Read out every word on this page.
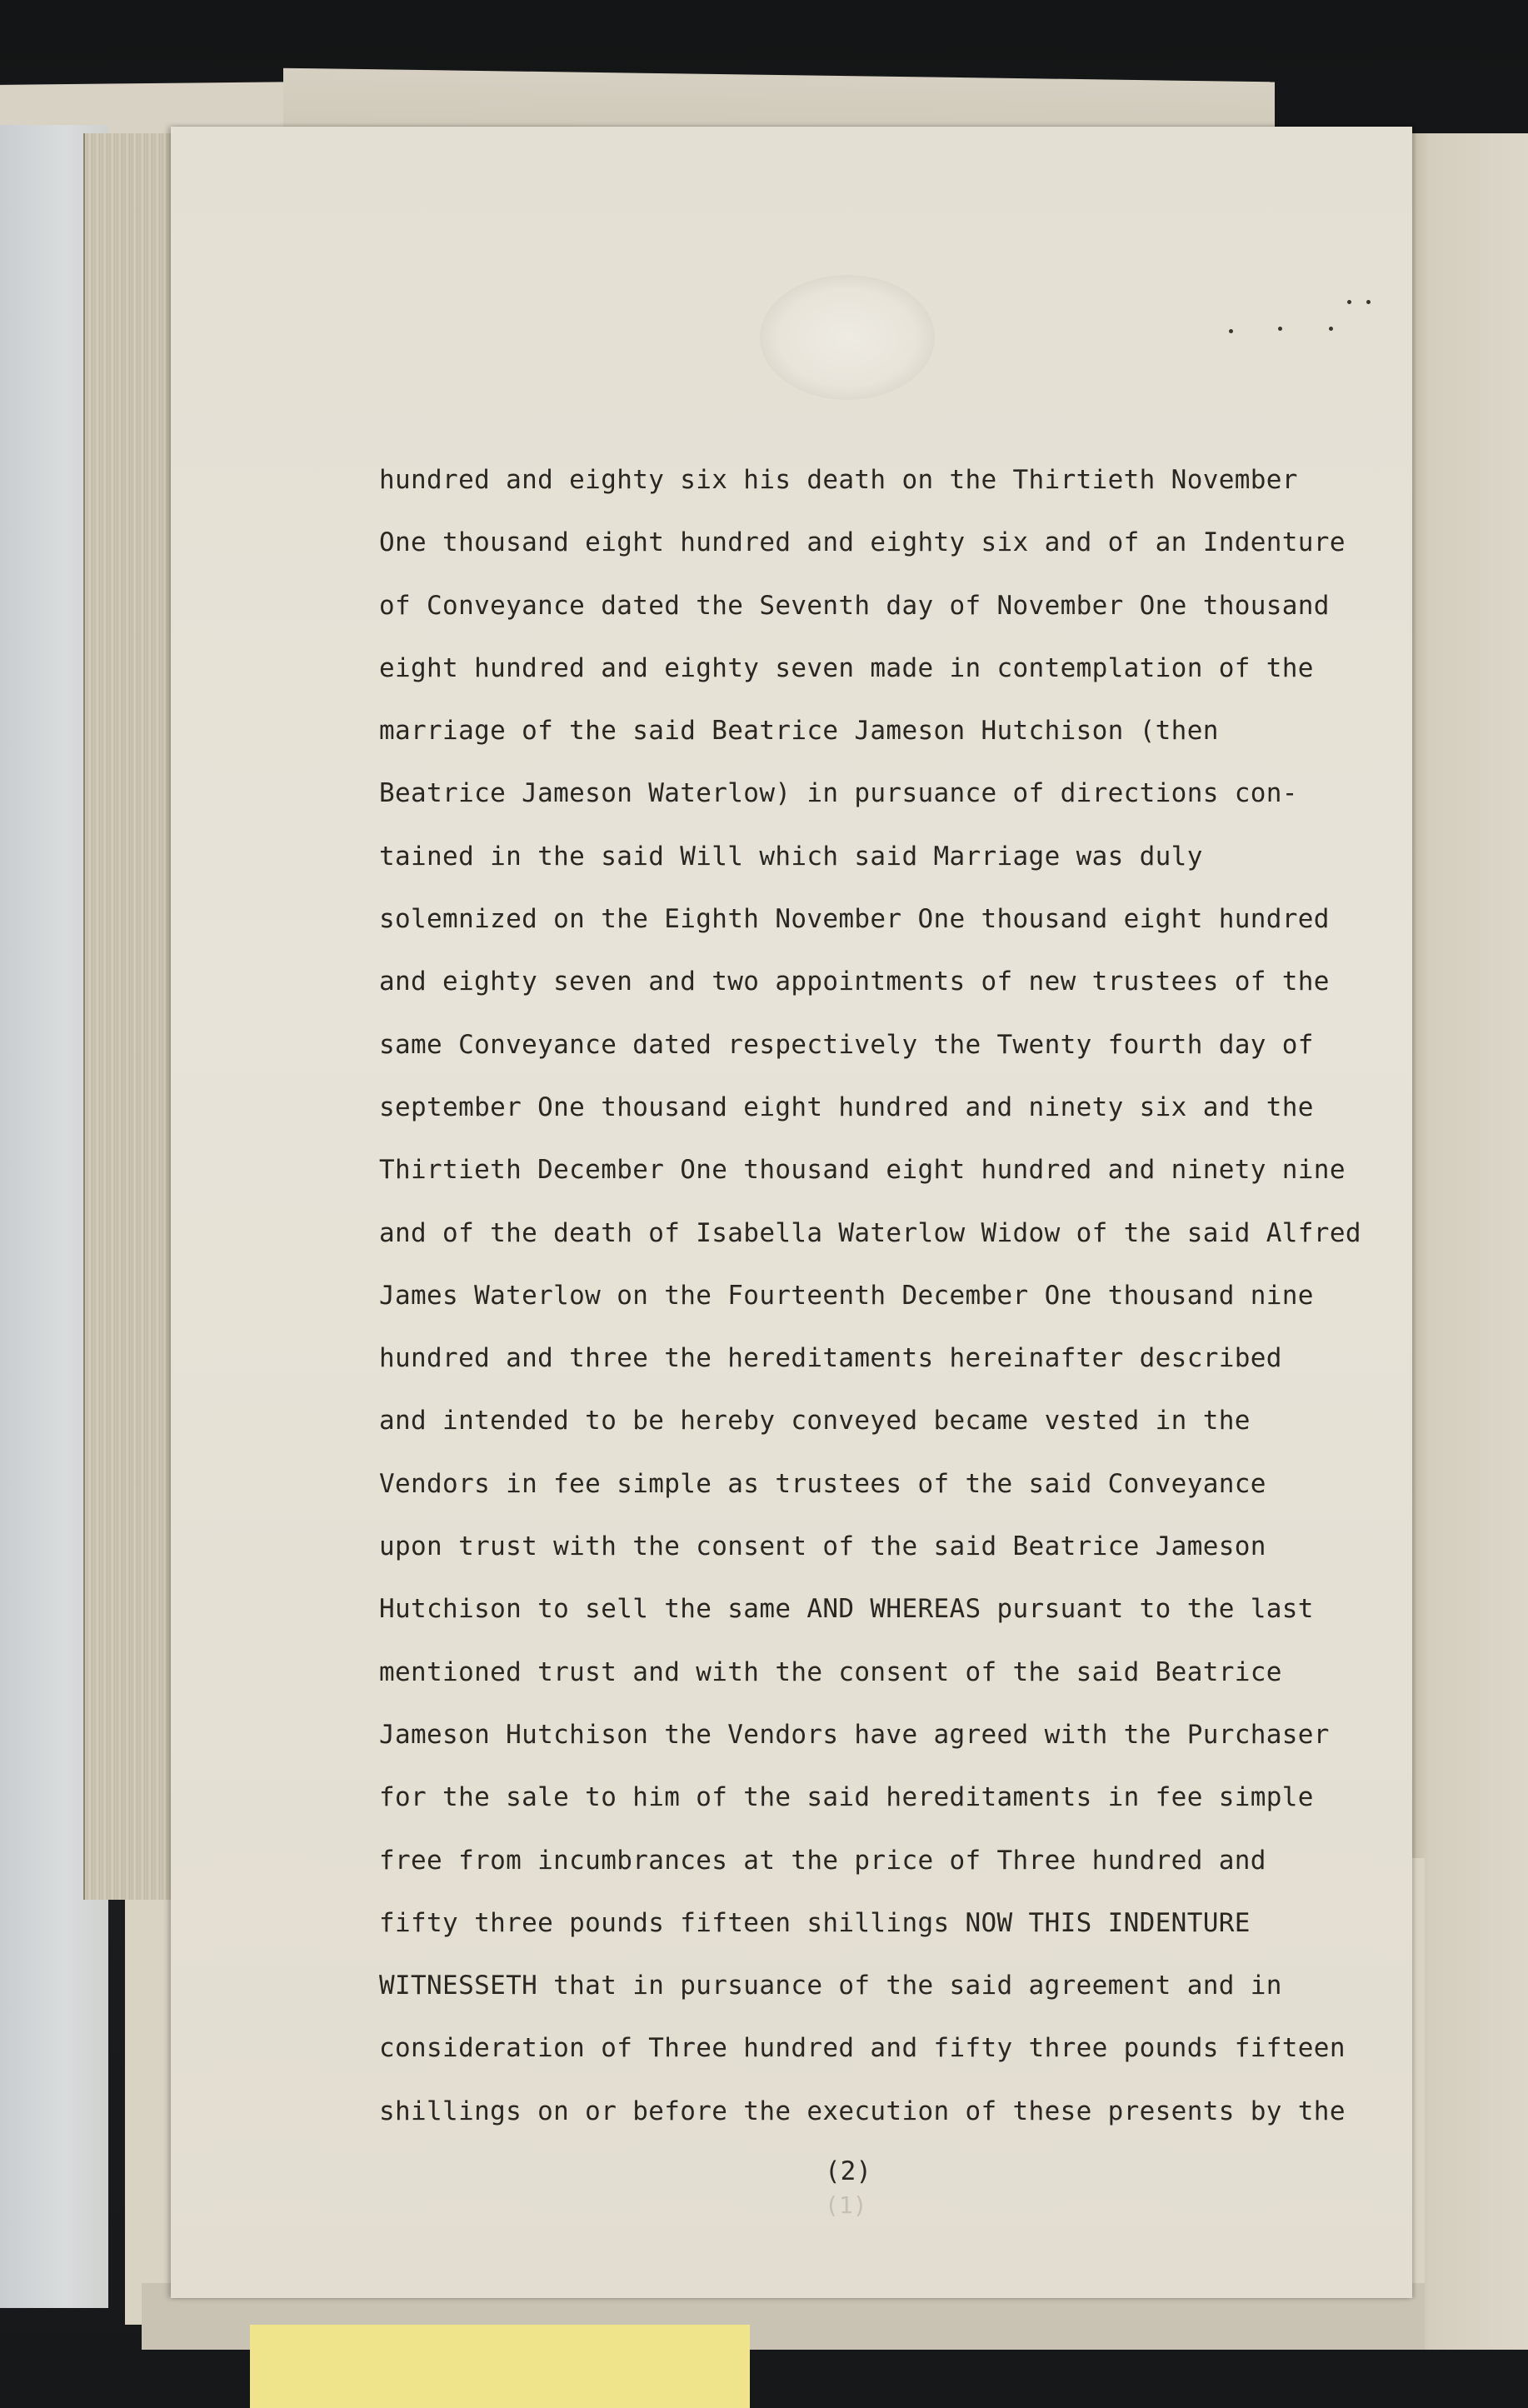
hundred and eighty six his death on the Thirtieth November
One thousand eight hundred and eighty six and of an Indenture
of Conveyance dated the Seventh day of November One thousand
eight hundred and eighty seven made in contemplation of the
marriage of the said Beatrice Jameson Hutchison (then
Beatrice Jameson Waterlow) in pursuance of directions con-
tained in the said Will which said Marriage was duly
solemnized on the Eighth November One thousand eight hundred
and eighty seven and two appointments of new trustees of the
same Conveyance dated respectively the Twenty fourth day of
september One thousand eight hundred and ninety six and the
Thirtieth December One thousand eight hundred and ninety nine
and of the death of Isabella Waterlow Widow of the said Alfred
James Waterlow on the Fourteenth December One thousand nine
hundred and three the hereditaments hereinafter described
and intended to be hereby conveyed became vested in the
Vendors in fee simple as trustees of the said Conveyance
upon trust with the consent of the said Beatrice Jameson
Hutchison to sell the same AND WHEREAS pursuant to the last
mentioned trust and with the consent of the said Beatrice
Jameson Hutchison the Vendors have agreed with the Purchaser
for the sale to him of the said hereditaments in fee simple
free from incumbrances at the price of Three hundred and
fifty three pounds fifteen shillings NOW THIS INDENTURE
WITNESSETH that in pursuance of the said agreement and in
consideration of Three hundred and fifty three pounds fifteen
shillings on or before the execution of these presents by the
(1)
(2)
